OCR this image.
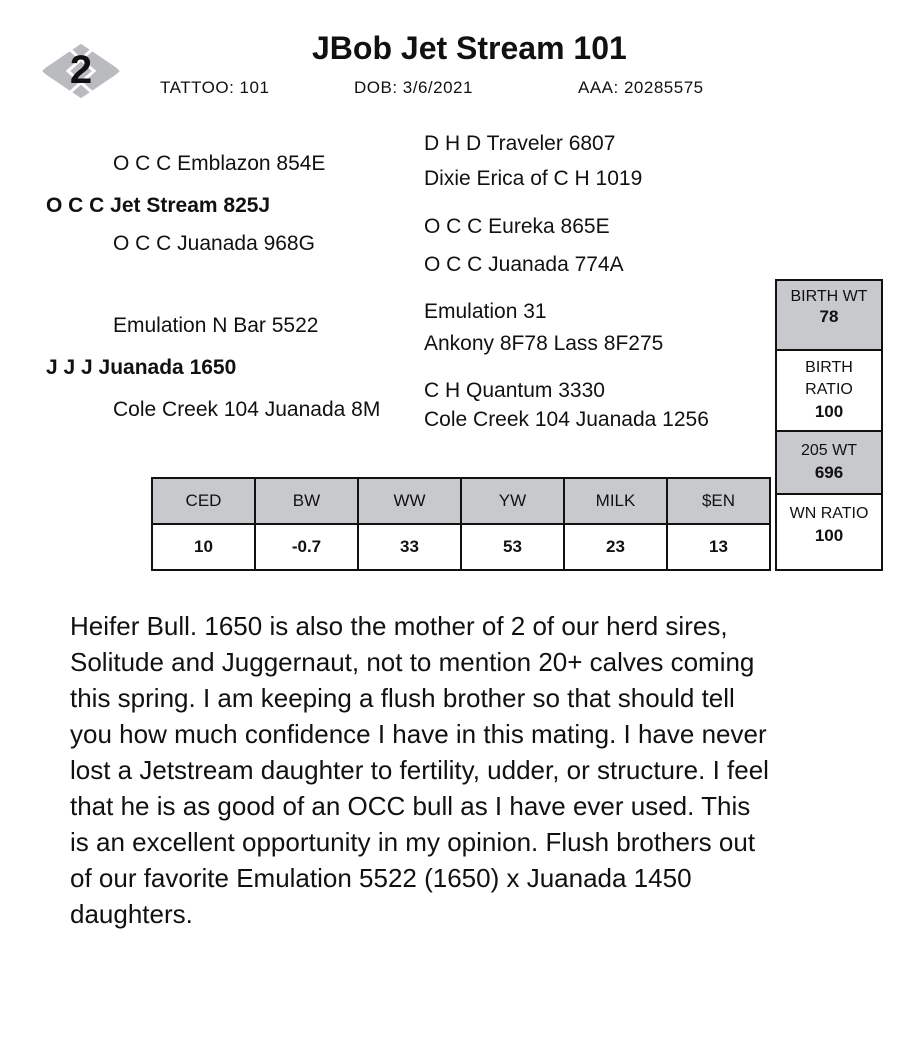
2	JBob Jet Stream 101
TATTOO: 101	DOB: 3/6/2021	AAA: 20285575
D H D Traveler 6807
O C C Emblazon 854E
Dixie Erica of C H 1019
O C C Jet Stream 825J
O C C Eureka 865E
O C C Juanada 968G
O C C Juanada 774A
Emulation 31
Emulation N Bar 5522
Ankony 8F78 Lass 8F275
J J J Juanada 1650
C H Quantum 3330
Cole Creek 104 Juanada 8M Cole Creek 104 Juanada 1256
BIRTH WT
78
BIRTH
RATIO
100
205 WT
696
WN RATIO
100
CED	BW	WW	YW	MILK	$EN
10	-0.7	33	53	23	13
Heifer Bull. 1650 is also the mother of 2 of our herd sires, Solitude and Juggernaut, not to mention 20+ calves coming this spring. I am keeping a flush brother so that should tell you how much confidence I have in this mating. I have never lost a Jetstream daughter to fertility, udder, or structure. I feel that he is as good of an OCC bull as I have ever used. This is an excellent opportunity in my opinion. Flush brothers out of our favorite Emulation 5522 (1650) x Juanada 1450 daughters.
